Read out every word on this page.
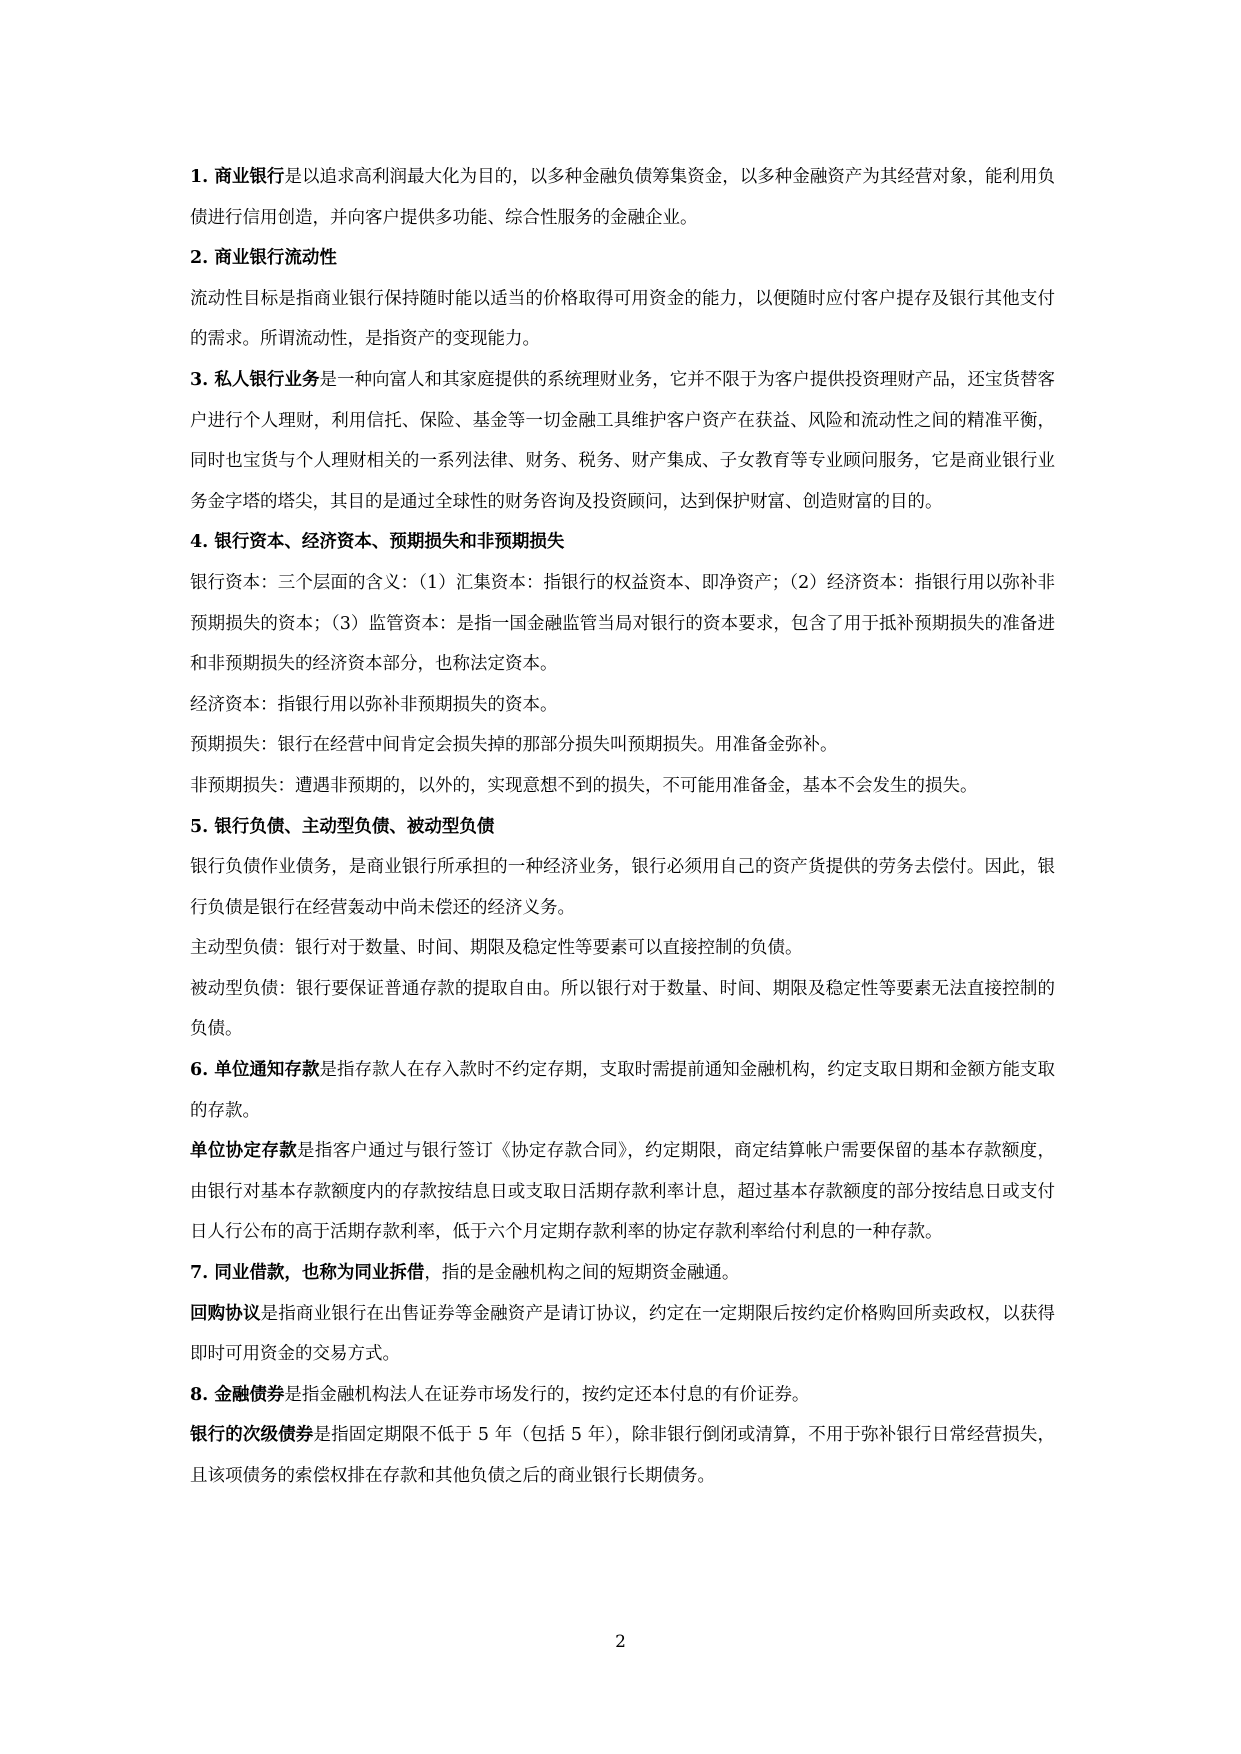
1. 商业银行是以追求高利润最大化为目的，以多种金融负债筹集资金，以多种金融资产为其经营对象，能利用负债进行信用创造，并向客户提供多功能、综合性服务的金融企业。

2. 商业银行流动性

流动性目标是指商业银行保持随时能以适当的价格取得可用资金的能力，以便随时应付客户提存及银行其他支付的需求。所谓流动性，是指资产的变现能力。

3. 私人银行业务是一种向富人和其家庭提供的系统理财业务，它并不限于为客户提供投资理财产品，还宝货替客户进行个人理财，利用信托、保险、基金等一切金融工具维护客户资产在获益、风险和流动性之间的精准平衡，同时也宝货与个人理财相关的一系列法律、财务、税务、财产集成、子女教育等专业顾问服务，它是商业银行业务金字塔的塔尖，其目的是通过全球性的财务咨询及投资顾问，达到保护财富、创造财富的目的。

4. 银行资本、经济资本、预期损失和非预期损失

银行资本：三个层面的含义：（1）汇集资本：指银行的权益资本、即净资产；（2）经济资本：指银行用以弥补非预期损失的资本；（3）监管资本：是指一国金融监管当局对银行的资本要求，包含了用于抵补预期损失的准备进和非预期损失的经济资本部分，也称法定资本。

经济资本：指银行用以弥补非预期损失的资本。

预期损失：银行在经营中间肯定会损失掉的那部分损失叫预期损失。用准备金弥补。

非预期损失：遭遇非预期的，以外的，实现意想不到的损失，不可能用准备金，基本不会发生的损失。

5. 银行负债、主动型负债、被动型负债

银行负债作业债务，是商业银行所承担的一种经济业务，银行必须用自己的资产货提供的劳务去偿付。因此，银行负债是银行在经营轰动中尚未偿还的经济义务。

主动型负债：银行对于数量、时间、期限及稳定性等要素可以直接控制的负债。

被动型负债：银行要保证普通存款的提取自由。所以银行对于数量、时间、期限及稳定性等要素无法直接控制的负债。

6. 单位通知存款是指存款人在存入款时不约定存期，支取时需提前通知金融机构，约定支取日期和金额方能支取的存款。

单位协定存款是指客户通过与银行签订《协定存款合同》，约定期限，商定结算帐户需要保留的基本存款额度，由银行对基本存款额度内的存款按结息日或支取日活期存款利率计息，超过基本存款额度的部分按结息日或支付日人行公布的高于活期存款利率，低于六个月定期存款利率的协定存款利率给付利息的一种存款。

7. 同业借款，也称为同业拆借，指的是金融机构之间的短期资金融通。

回购协议是指商业银行在出售证券等金融资产是请订协议，约定在一定期限后按约定价格购回所卖政权，以获得即时可用资金的交易方式。

8. 金融债券是指金融机构法人在证券市场发行的，按约定还本付息的有价证券。

银行的次级债券是指固定期限不低于 5 年（包括 5 年），除非银行倒闭或清算，不用于弥补银行日常经营损失，且该项债务的索偿权排在存款和其他负债之后的商业银行长期债务。

2
